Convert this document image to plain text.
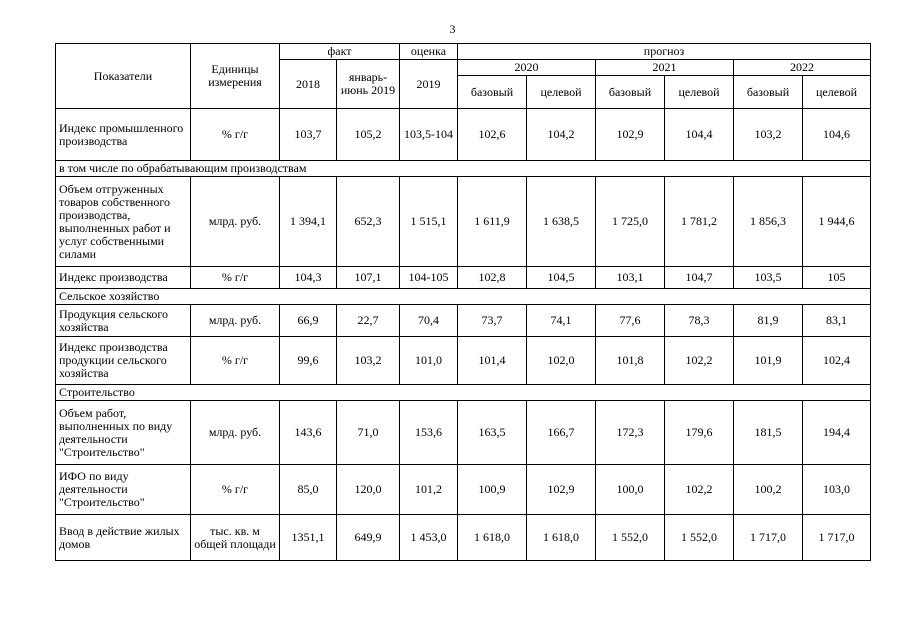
3
Показатели	Единицы измерения	факт		оценка	прогноз					
		2018	январь-июнь 2019	2019	2020		2021		2022	
					базовый	целевой	базовый	целевой	базовый	целевой
Индекс промышленного производства	% г/г	103,7	105,2	103,5-104	102,6	104,2	102,9	104,4	103,2	104,6
в том числе по обрабатывающим производствам										
Объем отгруженных товаров собственного производства, выполненных работ и услуг собственными силами	млрд. руб.	1 394,1	652,3	1 515,1	1 611,9	1 638,5	1 725,0	1 781,2	1 856,3	1 944,6
Индекс производства	% г/г	104,3	107,1	104-105	102,8	104,5	103,1	104,7	103,5	105
Сельское хозяйство										
Продукция сельского хозяйства	млрд. руб.	66,9	22,7	70,4	73,7	74,1	77,6	78,3	81,9	83,1
Индекс производства продукции сельского хозяйства	% г/г	99,6	103,2	101,0	101,4	102,0	101,8	102,2	101,9	102,4
Строительство										
Объем работ, выполненных по виду деятельности "Строительство"	млрд. руб.	143,6	71,0	153,6	163,5	166,7	172,3	179,6	181,5	194,4
ИФО по виду деятельности "Строительство"	% г/г	85,0	120,0	101,2	100,9	102,9	100,0	102,2	100,2	103,0
Ввод в действие жилых домов	тыс. кв. м общей площади	1351,1	649,9	1 453,0	1 618,0	1 618,0	1 552,0	1 552,0	1 717,0	1 717,0
